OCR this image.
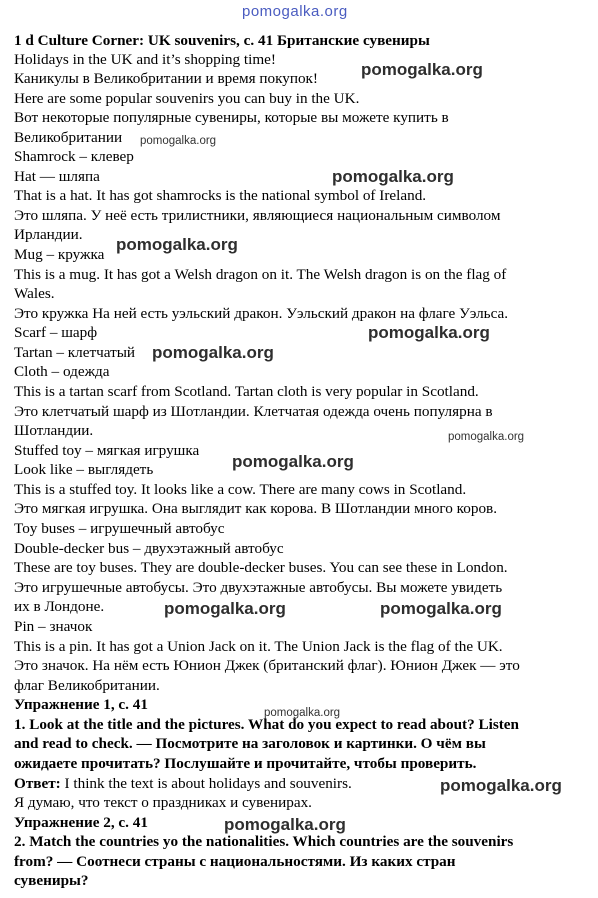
1 d Culture Corner: UK souvenirs, с. 41 Британские сувениры
Holidays in the UK and it’s shopping time!
Каникулы в Великобритании и время покупок!
Here are some popular souvenirs you can buy in the UK.
Вот некоторые популярные сувениры, которые вы можете купить в
Великобритании
Shamrock – клевер
Hat — шляпа
That is a hat. It has got shamrocks is the national symbol of Ireland.
Это шляпа. У неё есть трилистники, являющиеся национальным символом
Ирландии.
Mug – кружка
This is a mug. It has got a Welsh dragon on it. The Welsh dragon is on the flag of
Wales.
Это кружка На ней есть уэльский дракон. Уэльский дракон на флаге Уэльса.
Scarf – шарф
Tartan – клетчатый
Cloth – одежда
This is a tartan scarf from Scotland. Tartan cloth is very popular in Scotland.
Это клетчатый шарф из Шотландии. Клетчатая одежда очень популярна в
Шотландии.
Stuffed toy – мягкая игрушка
Look like – выглядеть
This is a stuffed toy. It looks like a cow. There are many cows in Scotland.
Это мягкая игрушка. Она выглядит как корова. В Шотландии много коров.
Toy buses – игрушечный автобус
Double-decker bus – двухэтажный автобус
These are toy buses. They are double-decker buses. You can see these in London.
Это игрушечные автобусы. Это двухэтажные автобусы. Вы можете увидеть
их в Лондоне.
Pin – значок
This is a pin. It has got a Union Jack on it. The Union Jack is the flag of the UK.
Это значок. На нём есть Юнион Джек (британский флаг). Юнион Джек — это
флаг Великобритании.
Упражнение 1, с. 41
1. Look at the title and the pictures. What do you expect to read about? Listen
and read to check. — Посмотрите на заголовок и картинки. О чём вы
ожидаете прочитать? Послушайте и прочитайте, чтобы проверить.
Ответ: I think the text is about holidays and souvenirs.
Я думаю, что текст о праздниках и сувенирах.
Упражнение 2, с. 41
2. Match the countries yo the nationalities. Which countries are the souvenirs
from? — Соотнеси страны с национальностями. Из каких стран
сувениры?
pomogalka.org
pomogalka.org
pomogalka.org
pomogalka.org
pomogalka.org
pomogalka.org
pomogalka.org
pomogalka.org
pomogalka.org
pomogalka.org	pomogalka.org
pomogalka.org
pomogalka.org
pomogalka.org
